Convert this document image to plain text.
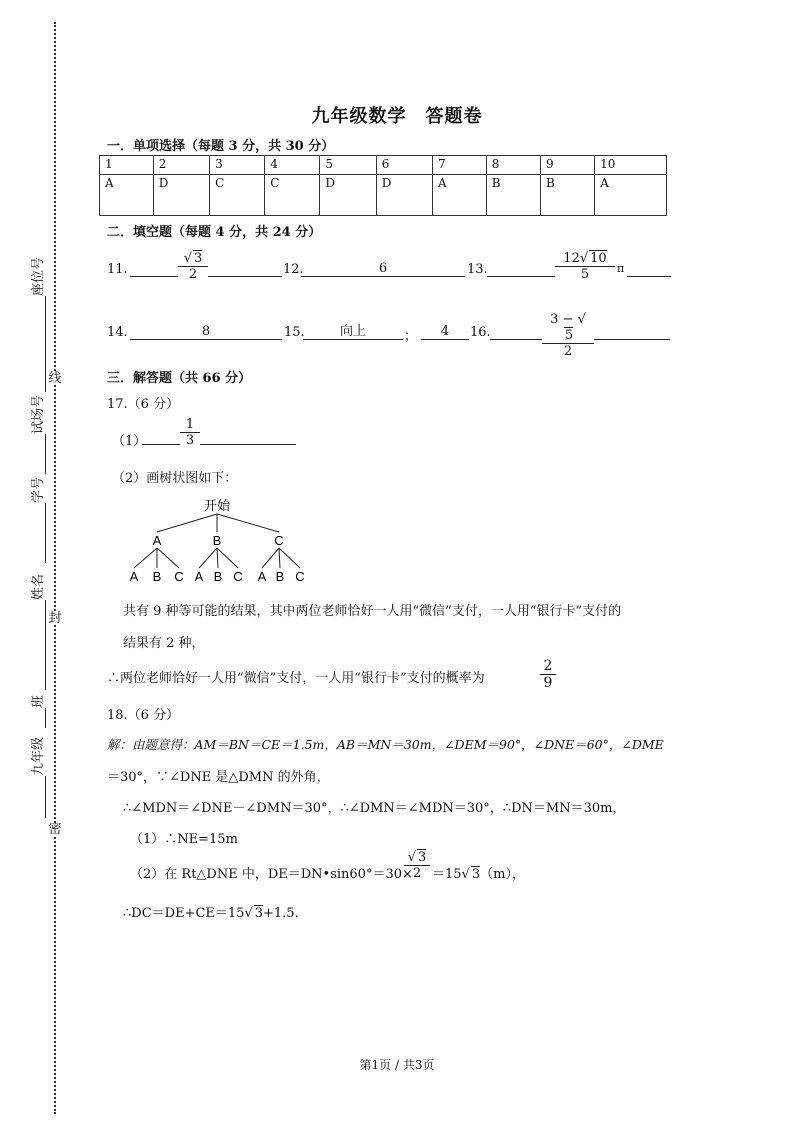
线
封
密
座位号
试场号
学号
姓名
班
九年级
九年级数学　答题卷
一．单项选择（每题 3 分，共 30 分）
1	2	3	4	5	6	7	8	9	10
A	D	C	C	D	D	A	B	B	A
二．填空题（每题 4 分，共 24 分）
11.	$\frac{√ 3}{2}$	12.	6	13.	$\frac{12√ 10}{5}$ π
14.	8	15.	向上	；	4	16.	$\frac{3 - √5}{2}$
三．解答题（共 66 分）
17.（6 分）
（1）	$\frac{1}{3}$
（2）画树状图如下：
开始
A	B	C
A B C A B C A B C
共有 9 种等可能的结果，其中两位老师恰好一人用“微信”支付，一人用“银行卡”支付的
结果有 2 种，
∴两位老师恰好一人用“微信”支付，一人用“银行卡”支付的概率为	$\frac{2}{9}$
18.（6 分）
解：由题意得：AM＝BN＝CE＝1.5m，AB＝MN＝30m，∠DEM＝90°，∠DNE＝60°，∠DME
＝30°，∵∠DNE 是△DMN 的外角，
∴∠MDN＝∠DNE－∠DMN＝30°，∴∠DMN＝∠MDN＝30°，∴DN＝MN＝30m，
（1）∴NE=15m
（2）在 Rt△DNE 中，DE＝DN•sin60°＝30×
$\frac{√ 3}{2} =15√$ 3（m），
∴DC＝DE+CE＝15√ 3+1.5.
第1页 / 共3页
